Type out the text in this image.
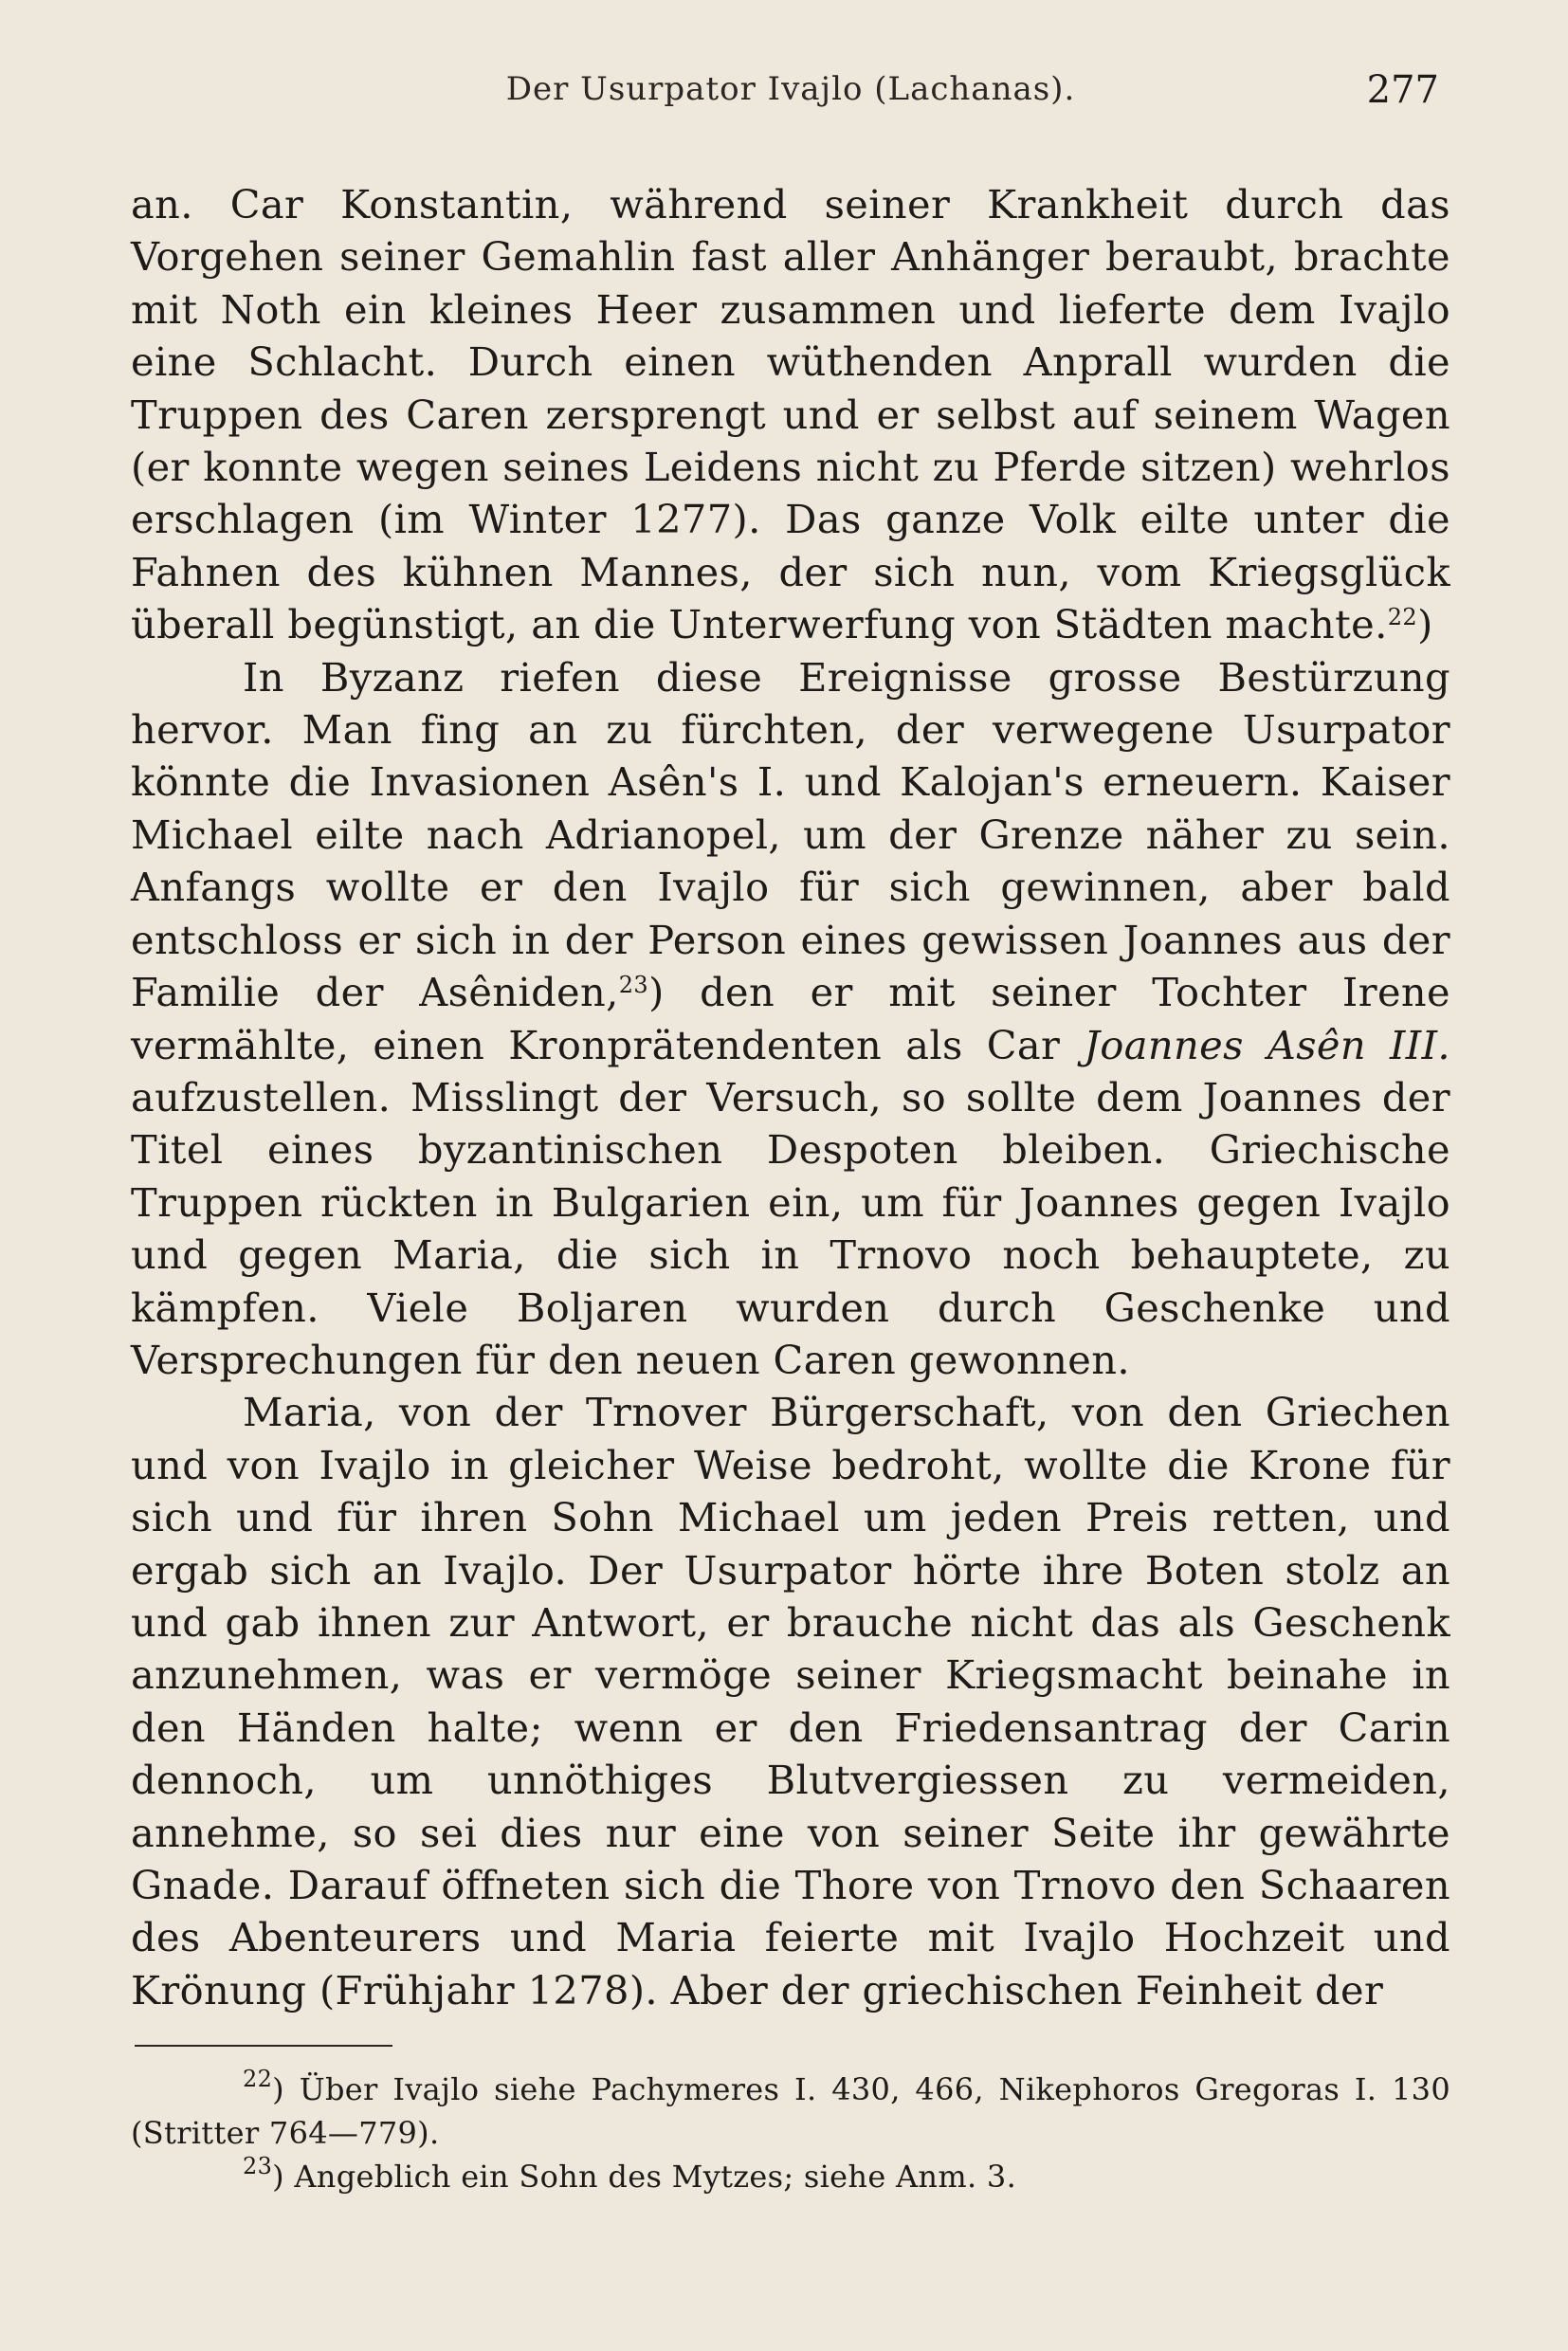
Der Usurpator Ivajlo (Lachanas).	277

an. Car Konstantin, während seiner Krankheit durch das Vorgehen seiner Gemahlin fast aller Anhänger beraubt, brachte mit Noth ein kleines Heer zusammen und lieferte dem Ivajlo eine Schlacht. Durch einen wüthenden Anprall wurden die Truppen des Caren zersprengt und er selbst auf seinem Wagen (er konnte wegen seines Leidens nicht zu Pferde sitzen) wehrlos erschlagen (im Winter 1277). Das ganze Volk eilte unter die Fahnen des kühnen Mannes, der sich nun, vom Kriegsglück überall begünstigt, an die Unterwerfung von Städten machte.$^{22}$)

In Byzanz riefen diese Ereignisse grosse Bestürzung hervor. Man fing an zu fürchten, der verwegene Usurpator könnte die Invasionen Asên's I. und Kalojan's erneuern. Kaiser Michael eilte nach Adrianopel, um der Grenze näher zu sein. Anfangs wollte er den Ivajlo für sich gewinnen, aber bald entschloss er sich in der Person eines gewissen Joannes aus der Familie der Asêniden,$^{23}$) den er mit seiner Tochter Irene vermählte, einen Kronprätendenten als Car Joannes Asên III. aufzustellen. Misslingt der Versuch, so sollte dem Joannes der Titel eines byzantinischen Despoten bleiben. Griechische Truppen rückten in Bulgarien ein, um für Joannes gegen Ivajlo und gegen Maria, die sich in Trnovo noch behauptete, zu kämpfen. Viele Boljaren wurden durch Geschenke und Versprechungen für den neuen Caren gewonnen.

Maria, von der Trnover Bürgerschaft, von den Griechen und von Ivajlo in gleicher Weise bedroht, wollte die Krone für sich und für ihren Sohn Michael um jeden Preis retten, und ergab sich an Ivajlo. Der Usurpator hörte ihre Boten stolz an und gab ihnen zur Antwort, er brauche nicht das als Geschenk anzunehmen, was er vermöge seiner Kriegsmacht beinahe in den Händen halte; wenn er den Friedensantrag der Carin dennoch, um unnöthiges Blutvergiessen zu vermeiden, annehme, so sei dies nur eine von seiner Seite ihr gewährte Gnade. Darauf öffneten sich die Thore von Trnovo den Schaaren des Abenteurers und Maria feierte mit Ivajlo Hochzeit und Krönung (Frühjahr 1278). Aber der griechischen Feinheit der

$^{22}$) Über Ivajlo siehe Pachymeres I. 430, 466, Nikephoros Gregoras I. 130 (Stritter 764—779).

$^{23}$) Angeblich ein Sohn des Mytzes; siehe Anm. 3.
